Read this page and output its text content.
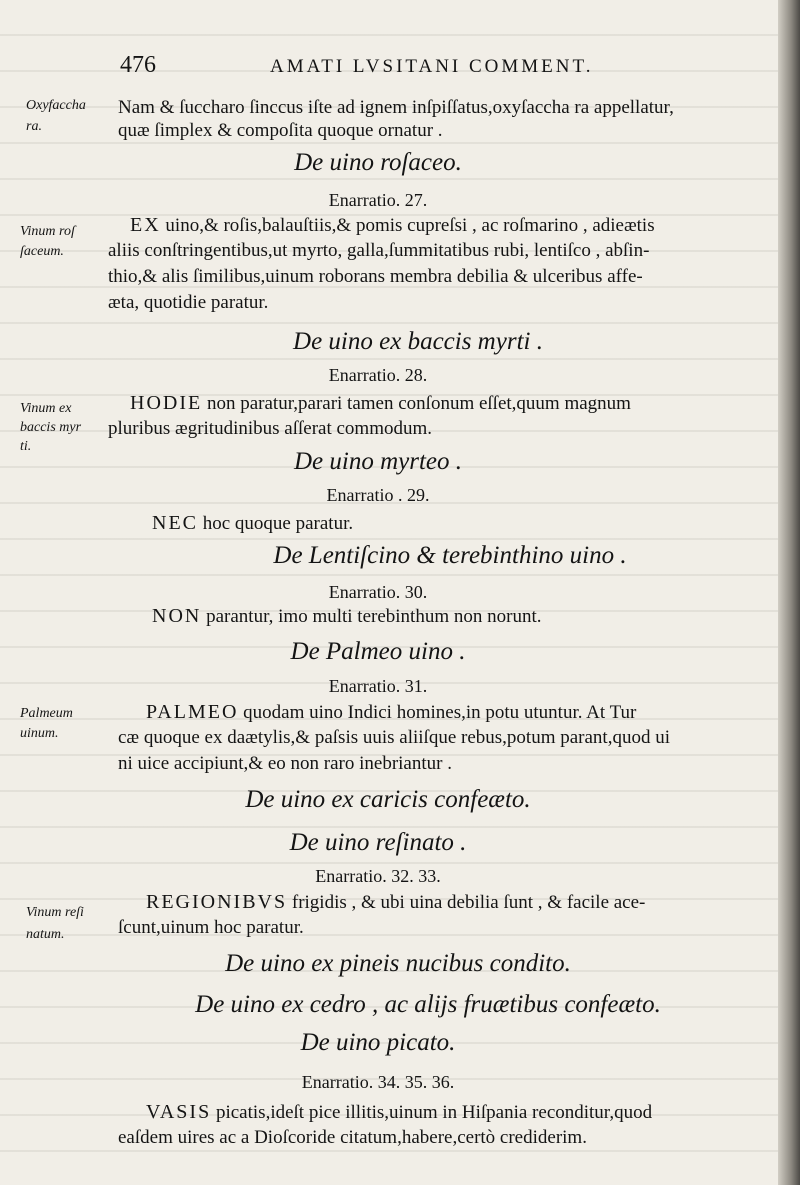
476	AMATI LVSITANI COMMENT.
Oxyfaccha
ra.
Vinum roſ
ſaceum.
Vinum ex
baccis myr
ti.
Palmeum
uinum.
Vinum reſi
natum.
Nam & ſuccharo ſinccus iſte ad ignem inſpiſſatus,oxyſaccha ra appellatur,
quæ ſimplex & compoſita quoque ornatur .
De uino roſaceo.
Enarratio. 27.
EX uino,& roſis,balauſtiis,& pomis cupreſsi , ac roſmarino , adieætis
aliis conſtringentibus,ut myrto, galla,ſummitatibus rubi, lentiſco , abſin-
thio,& alis ſimilibus,uinum roborans membra debilia & ulceribus affe-
æta, quotidie paratur.
De uino ex baccis myrti .
Enarratio. 28.
HODIE non paratur,parari tamen conſonum eſſet,quum magnum
pluribus ægritudinibus aſſerat commodum.
De uino myrteo .
Enarratio . 29.
NEC hoc quoque paratur.
De Lentiſcino & terebinthino uino .
Enarratio. 30.
NON parantur, imo multi terebinthum non norunt.
De Palmeo uino .
Enarratio. 31.
PALMEO quodam uino Indici homines,in potu utuntur. At Tur
cæ quoque ex daætylis,& paſsis uuis aliiſque rebus,potum parant,quod ui
ni uice accipiunt,& eo non raro inebriantur .
De uino ex caricis confeæto.
De uino reſinato .
Enarratio. 32. 33.
REGIONIBVS frigidis , & ubi uina debilia ſunt , & facile ace-
ſcunt,uinum hoc paratur.
De uino ex pineis nucibus condito.
De uino ex cedro , ac alijs fruætibus confeæto.
De uino picato.
Enarratio. 34. 35. 36.
VASIS picatis,ideſt pice illitis,uinum in Hiſpania reconditur,quod
eaſdem uires ac a Dioſcoride citatum,habere,certò crediderim.
